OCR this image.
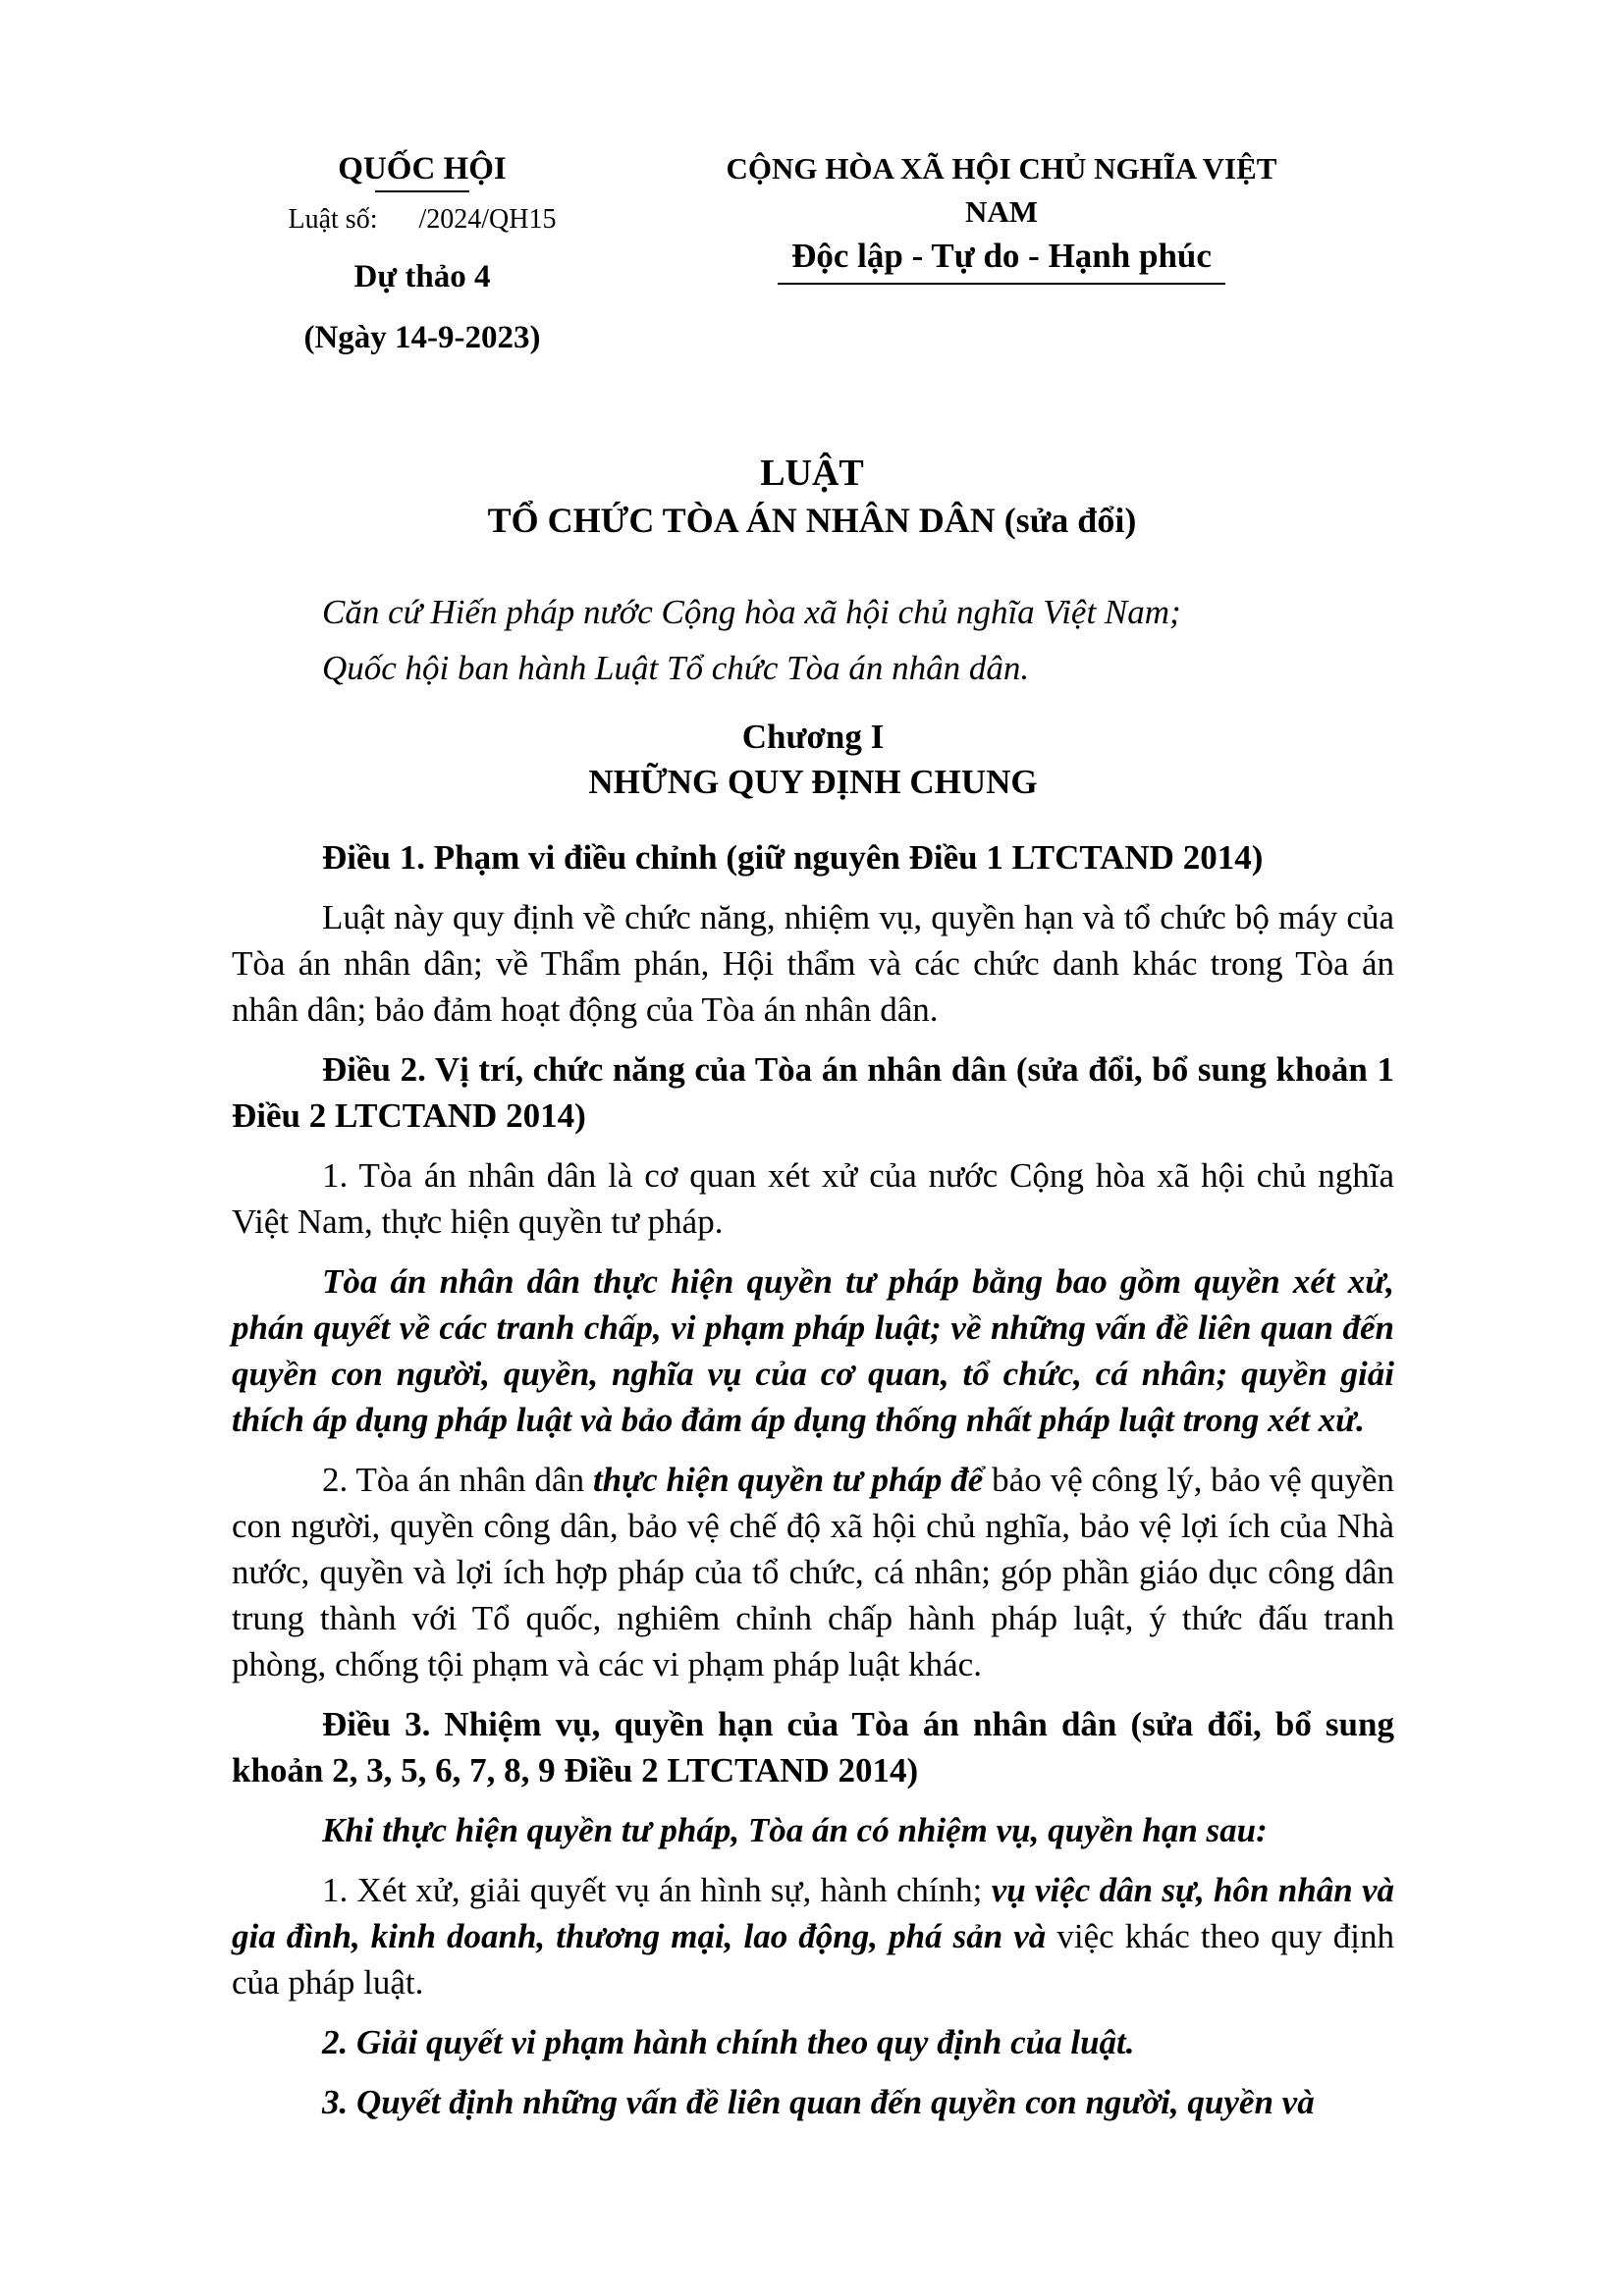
QUỐC HỘI
Luật số:      /2024/QH15
Dự thảo 4
(Ngày 14-9-2023)
CỘNG HÒA XÃ HỘI CHỦ NGHĨA VIỆT NAM
Độc lập - Tự do - Hạnh phúc
LUẬT
TỔ CHỨC TÒA ÁN NHÂN DÂN (sửa đổi)
Căn cứ Hiến pháp nước Cộng hòa xã hội chủ nghĩa Việt Nam;
Quốc hội ban hành Luật Tổ chức Tòa án nhân dân.
Chương I
NHỮNG QUY ĐỊNH CHUNG
Điều 1. Phạm vi điều chỉnh (giữ nguyên Điều 1 LTCTAND 2014)
Luật này quy định về chức năng, nhiệm vụ, quyền hạn và tổ chức bộ máy của Tòa án nhân dân; về Thẩm phán, Hội thẩm và các chức danh khác trong Tòa án nhân dân; bảo đảm hoạt động của Tòa án nhân dân.
Điều 2. Vị trí, chức năng của Tòa án nhân dân (sửa đổi, bổ sung khoản 1 Điều 2 LTCTAND 2014)
1. Tòa án nhân dân là cơ quan xét xử của nước Cộng hòa xã hội chủ nghĩa Việt Nam, thực hiện quyền tư pháp.
Tòa án nhân dân thực hiện quyền tư pháp bằng bao gồm quyền xét xử, phán quyết về các tranh chấp, vi phạm pháp luật; về những vấn đề liên quan đến quyền con người, quyền, nghĩa vụ của cơ quan, tổ chức, cá nhân; quyền giải thích áp dụng pháp luật và bảo đảm áp dụng thống nhất pháp luật trong xét xử.
2. Tòa án nhân dân thực hiện quyền tư pháp để bảo vệ công lý, bảo vệ quyền con người, quyền công dân, bảo vệ chế độ xã hội chủ nghĩa, bảo vệ lợi ích của Nhà nước, quyền và lợi ích hợp pháp của tổ chức, cá nhân; góp phần giáo dục công dân trung thành với Tổ quốc, nghiêm chỉnh chấp hành pháp luật, ý thức đấu tranh phòng, chống tội phạm và các vi phạm pháp luật khác.
Điều 3. Nhiệm vụ, quyền hạn của Tòa án nhân dân (sửa đổi, bổ sung khoản 2, 3, 5, 6, 7, 8, 9 Điều 2 LTCTAND 2014)
Khi thực hiện quyền tư pháp, Tòa án có nhiệm vụ, quyền hạn sau:
1. Xét xử, giải quyết vụ án hình sự, hành chính; vụ việc dân sự, hôn nhân và gia đình, kinh doanh, thương mại, lao động, phá sản và việc khác theo quy định của pháp luật.
2. Giải quyết vi phạm hành chính theo quy định của luật.
3. Quyết định những vấn đề liên quan đến quyền con người, quyền và
